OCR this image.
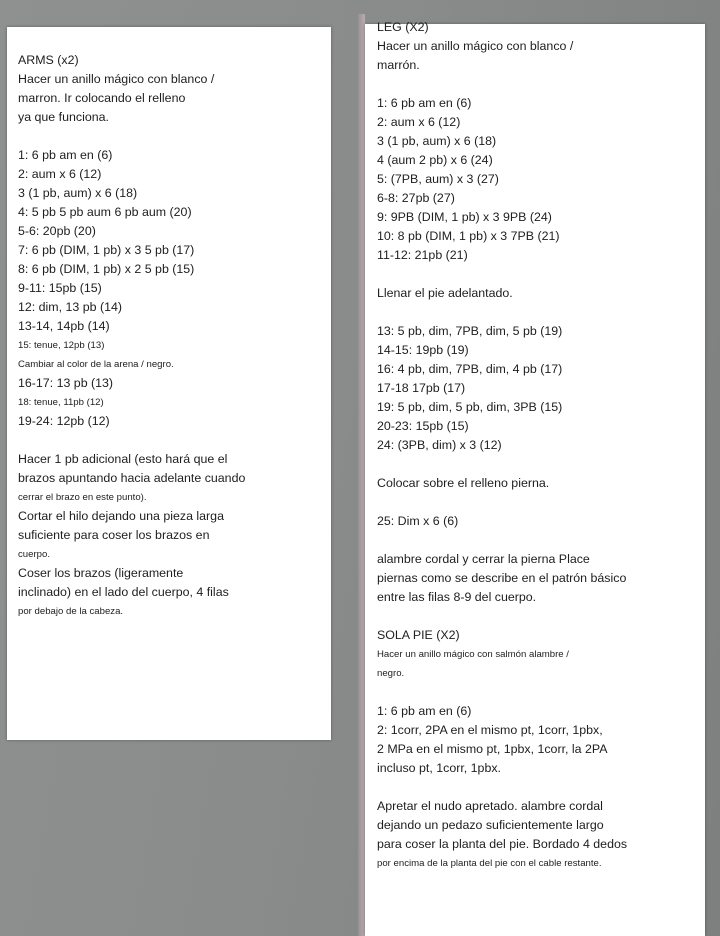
ARMS (x2)
Hacer un anillo mágico con blanco /
marron. Ir colocando el relleno
ya que funciona.
1: 6 pb am en (6)
2: aum x 6 (12)
3 (1 pb, aum) x 6 (18)
4: 5 pb 5 pb aum 6 pb aum (20)
5-6: 20pb (20)
7: 6 pb (DIM, 1 pb) x 3 5 pb (17)
8: 6 pb (DIM, 1 pb) x 2 5 pb (15)
9-11: 15pb (15)
12: dim, 13 pb (14)
13-14, 14pb (14)
15: tenue, 12pb (13)
Cambiar al color de la arena / negro.
16-17: 13 pb (13)
18: tenue, 11pb (12)
19-24: 12pb (12)
Hacer 1 pb adicional (esto hará que el
brazos apuntando hacia adelante cuando
cerrar el brazo en este punto).
Cortar el hilo dejando una pieza larga
suficiente para coser los brazos en
cuerpo.
Coser los brazos (ligeramente
inclinado) en el lado del cuerpo, 4 filas
por debajo de la cabeza.
LEG (X2)
Hacer un anillo mágico con blanco /
marrón.
1: 6 pb am en (6)
2: aum x 6 (12)
3 (1 pb, aum) x 6 (18)
4 (aum 2 pb) x 6 (24)
5: (7PB, aum) x 3 (27)
6-8: 27pb (27)
9: 9PB (DIM, 1 pb) x 3 9PB (24)
10: 8 pb (DIM, 1 pb) x 3 7PB (21)
11-12: 21pb (21)
Llenar el pie adelantado.
13: 5 pb, dim, 7PB, dim, 5 pb (19)
14-15: 19pb (19)
16: 4 pb, dim, 7PB, dim, 4 pb (17)
17-18 17pb (17)
19: 5 pb, dim, 5 pb, dim, 3PB (15)
20-23: 15pb (15)
24: (3PB, dim) x 3 (12)
Colocar sobre el relleno pierna.
25: Dim x 6 (6)
alambre cordal y cerrar la pierna Place
piernas como se describe en el patrón básico
entre las filas 8-9 del cuerpo.
SOLA PIE (X2)
Hacer un anillo mágico con salmón alambre /
negro.
1: 6 pb am en (6)
2: 1corr, 2PA en el mismo pt, 1corr, 1pbx,
2 MPa en el mismo pt, 1pbx, 1corr, la 2PA
incluso pt, 1corr, 1pbx.
Apretar el nudo apretado. alambre cordal
dejando un pedazo suficientemente largo
para coser la planta del pie. Bordado 4 dedos
por encima de la planta del pie con el cable restante.
